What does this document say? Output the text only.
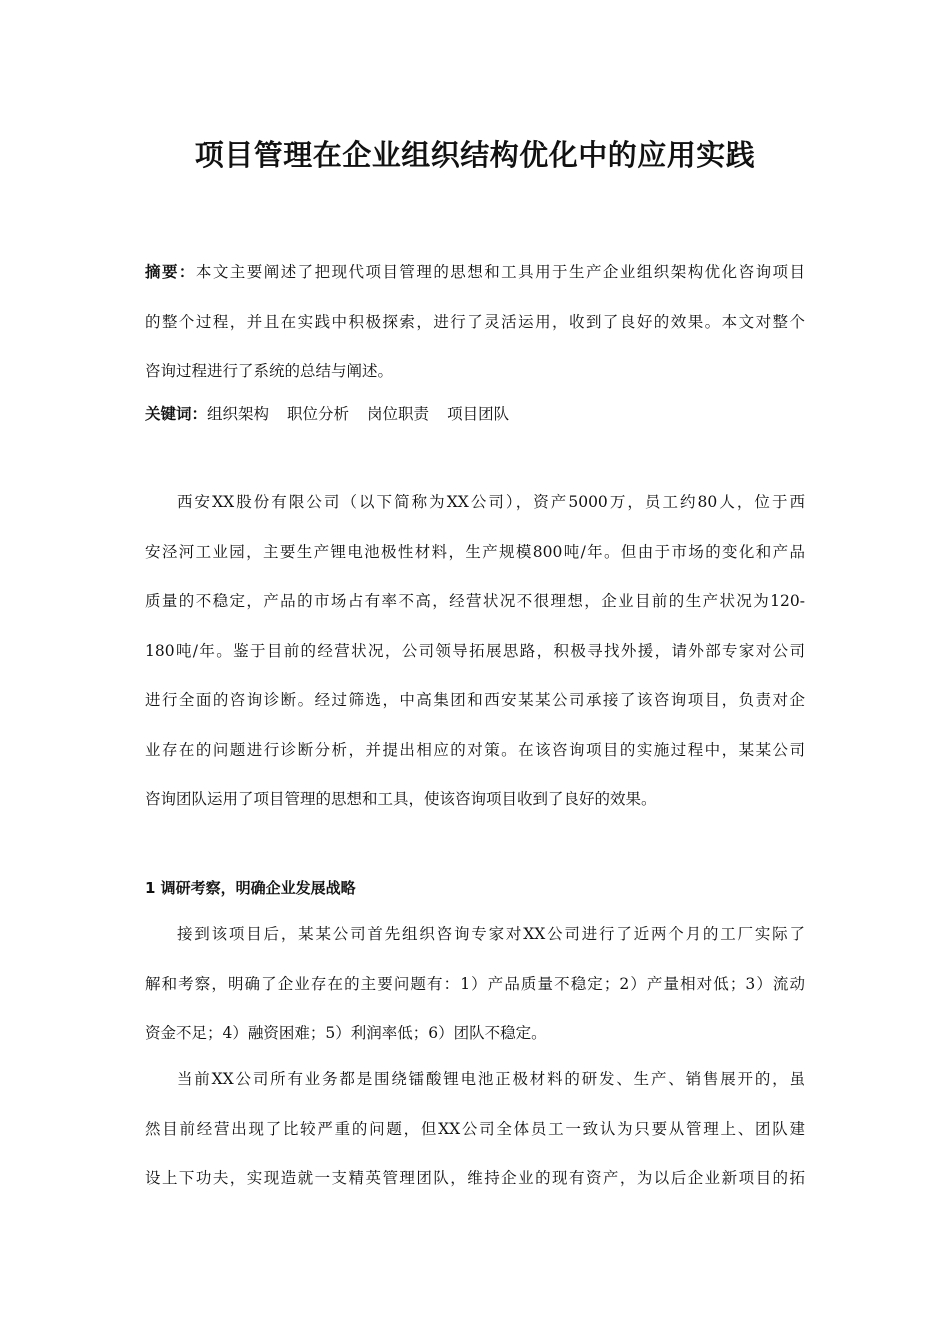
项目管理在企业组织结构优化中的应用实践
摘要：本文主要阐述了把现代项目管理的思想和工具用于生产企业组织架构优化咨询项目
的整个过程，并且在实践中积极探索，进行了灵活运用，收到了良好的效果。本文对整个
咨询过程进行了系统的总结与阐述。
关键词：组织架构 职位分析 岗位职责 项目团队
西安XX股份有限公司（以下简称为XX公司），资产5000万，员工约80人，位于西
安泾河工业园，主要生产锂电池极性材料，生产规模800吨/年。但由于市场的变化和产品
质量的不稳定，产品的市场占有率不高，经营状况不很理想，企业目前的生产状况为120-
180吨/年。鉴于目前的经营状况，公司领导拓展思路，积极寻找外援，请外部专家对公司
进行全面的咨询诊断。经过筛选，中高集团和西安某某公司承接了该咨询项目，负责对企
业存在的问题进行诊断分析，并提出相应的对策。在该咨询项目的实施过程中，某某公司
咨询团队运用了项目管理的思想和工具，使该咨询项目收到了良好的效果。
1 调研考察，明确企业发展战略
接到该项目后，某某公司首先组织咨询专家对XX公司进行了近两个月的工厂实际了
解和考察，明确了企业存在的主要问题有：1）产品质量不稳定；2）产量相对低；3）流动
资金不足；4）融资困难；5）利润率低；6）团队不稳定。
当前XX公司所有业务都是围绕镭酸锂电池正极材料的研发、生产、销售展开的，虽
然目前经营出现了比较严重的问题，但XX公司全体员工一致认为只要从管理上、团队建
设上下功夫，实现造就一支精英管理团队，维持企业的现有资产，为以后企业新项目的拓
